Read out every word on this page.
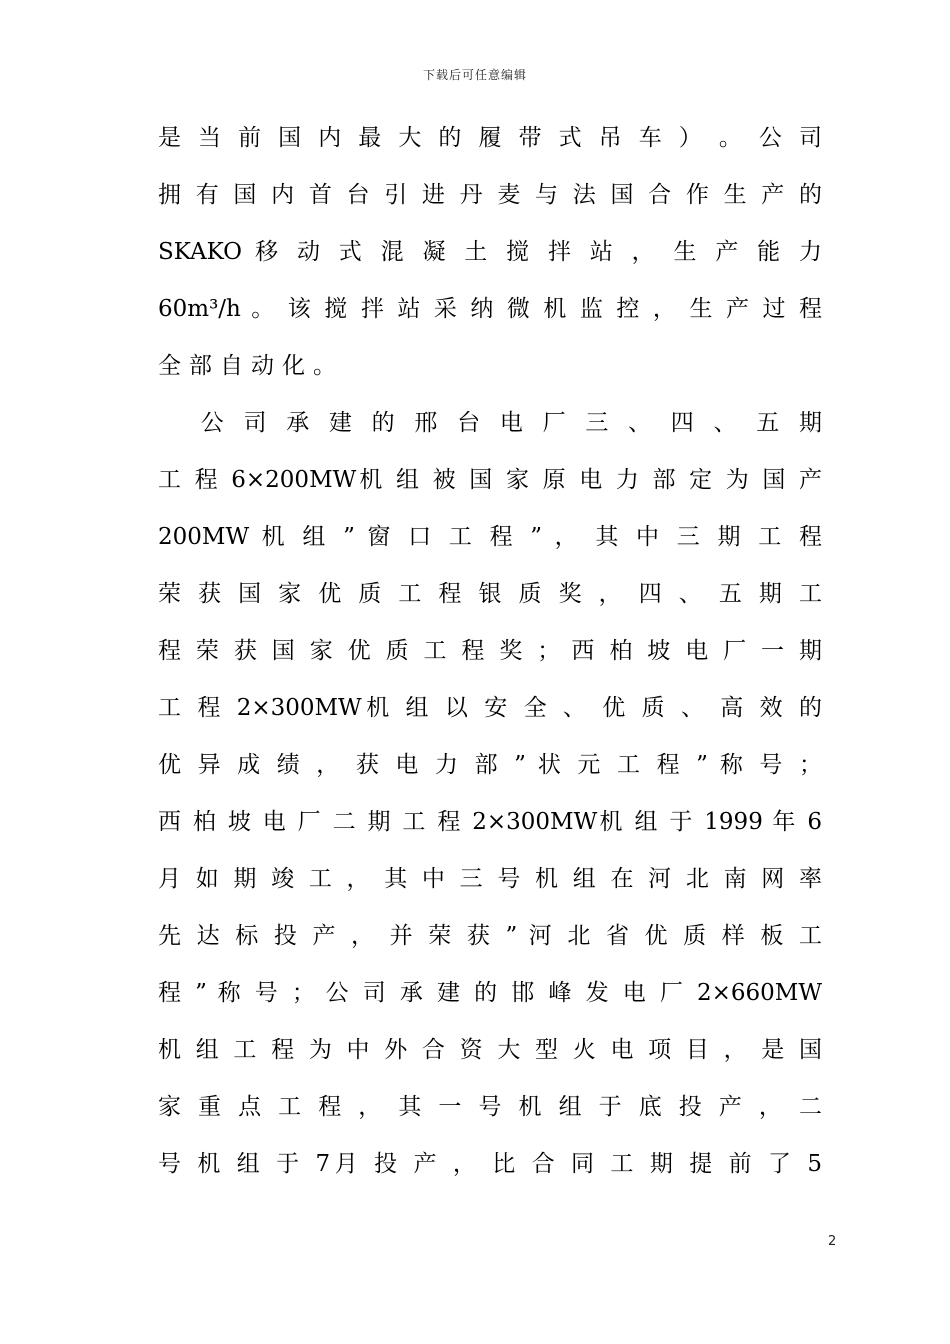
下载后可任意编辑
是 当 前 国 内 最 大 的 履 带 式 吊 车 ） 。 公 司
拥 有 国 内 首 台 引 进 丹 麦 与 法 国 合 作 生 产 的
SKAKO 移 动 式 混 凝 土 搅 拌 站 ， 生 产 能 力
60m³/h 。 该 搅 拌 站 采 纳 微 机 监 控 ， 生 产 过 程
全部自动化。
　 公 司 承 建 的 邢 台 电 厂 三 、 四 、 五 期
工 程 6×200MW机 组 被 国 家 原 电 力 部 定 为 国 产
200MW 机 组 ” 窗 口 工 程 ” ， 其 中 三 期 工 程
荣 获 国 家 优 质 工 程 银 质 奖 ， 四 、 五 期 工
程 荣 获 国 家 优 质 工 程 奖 ； 西 柏 坡 电 厂 一 期
工 程 2×300MW机 组 以 安 全 、 优 质 、 高 效 的
优 异 成 绩 ， 获 电 力 部 ” 状 元 工 程 ” 称 号 ；
西 柏 坡 电 厂 二 期 工 程 2×300MW机 组 于 1999 年 6
月 如 期 竣 工 ， 其 中 三 号 机 组 在 河 北 南 网 率
先 达 标 投 产 ， 并 荣 获 ” 河 北 省 优 质 样 板 工
程 ” 称 号 ； 公 司 承 建 的 邯 峰 发 电 厂 2×660MW
机 组 工 程 为 中 外 合 资 大 型 火 电 项 目 ， 是 国
家 重 点 工 程 ， 其 一 号 机 组 于 底 投 产 ， 二
号 机 组 于 7月 投 产 ， 比 合 同 工 期 提 前 了 5
2
